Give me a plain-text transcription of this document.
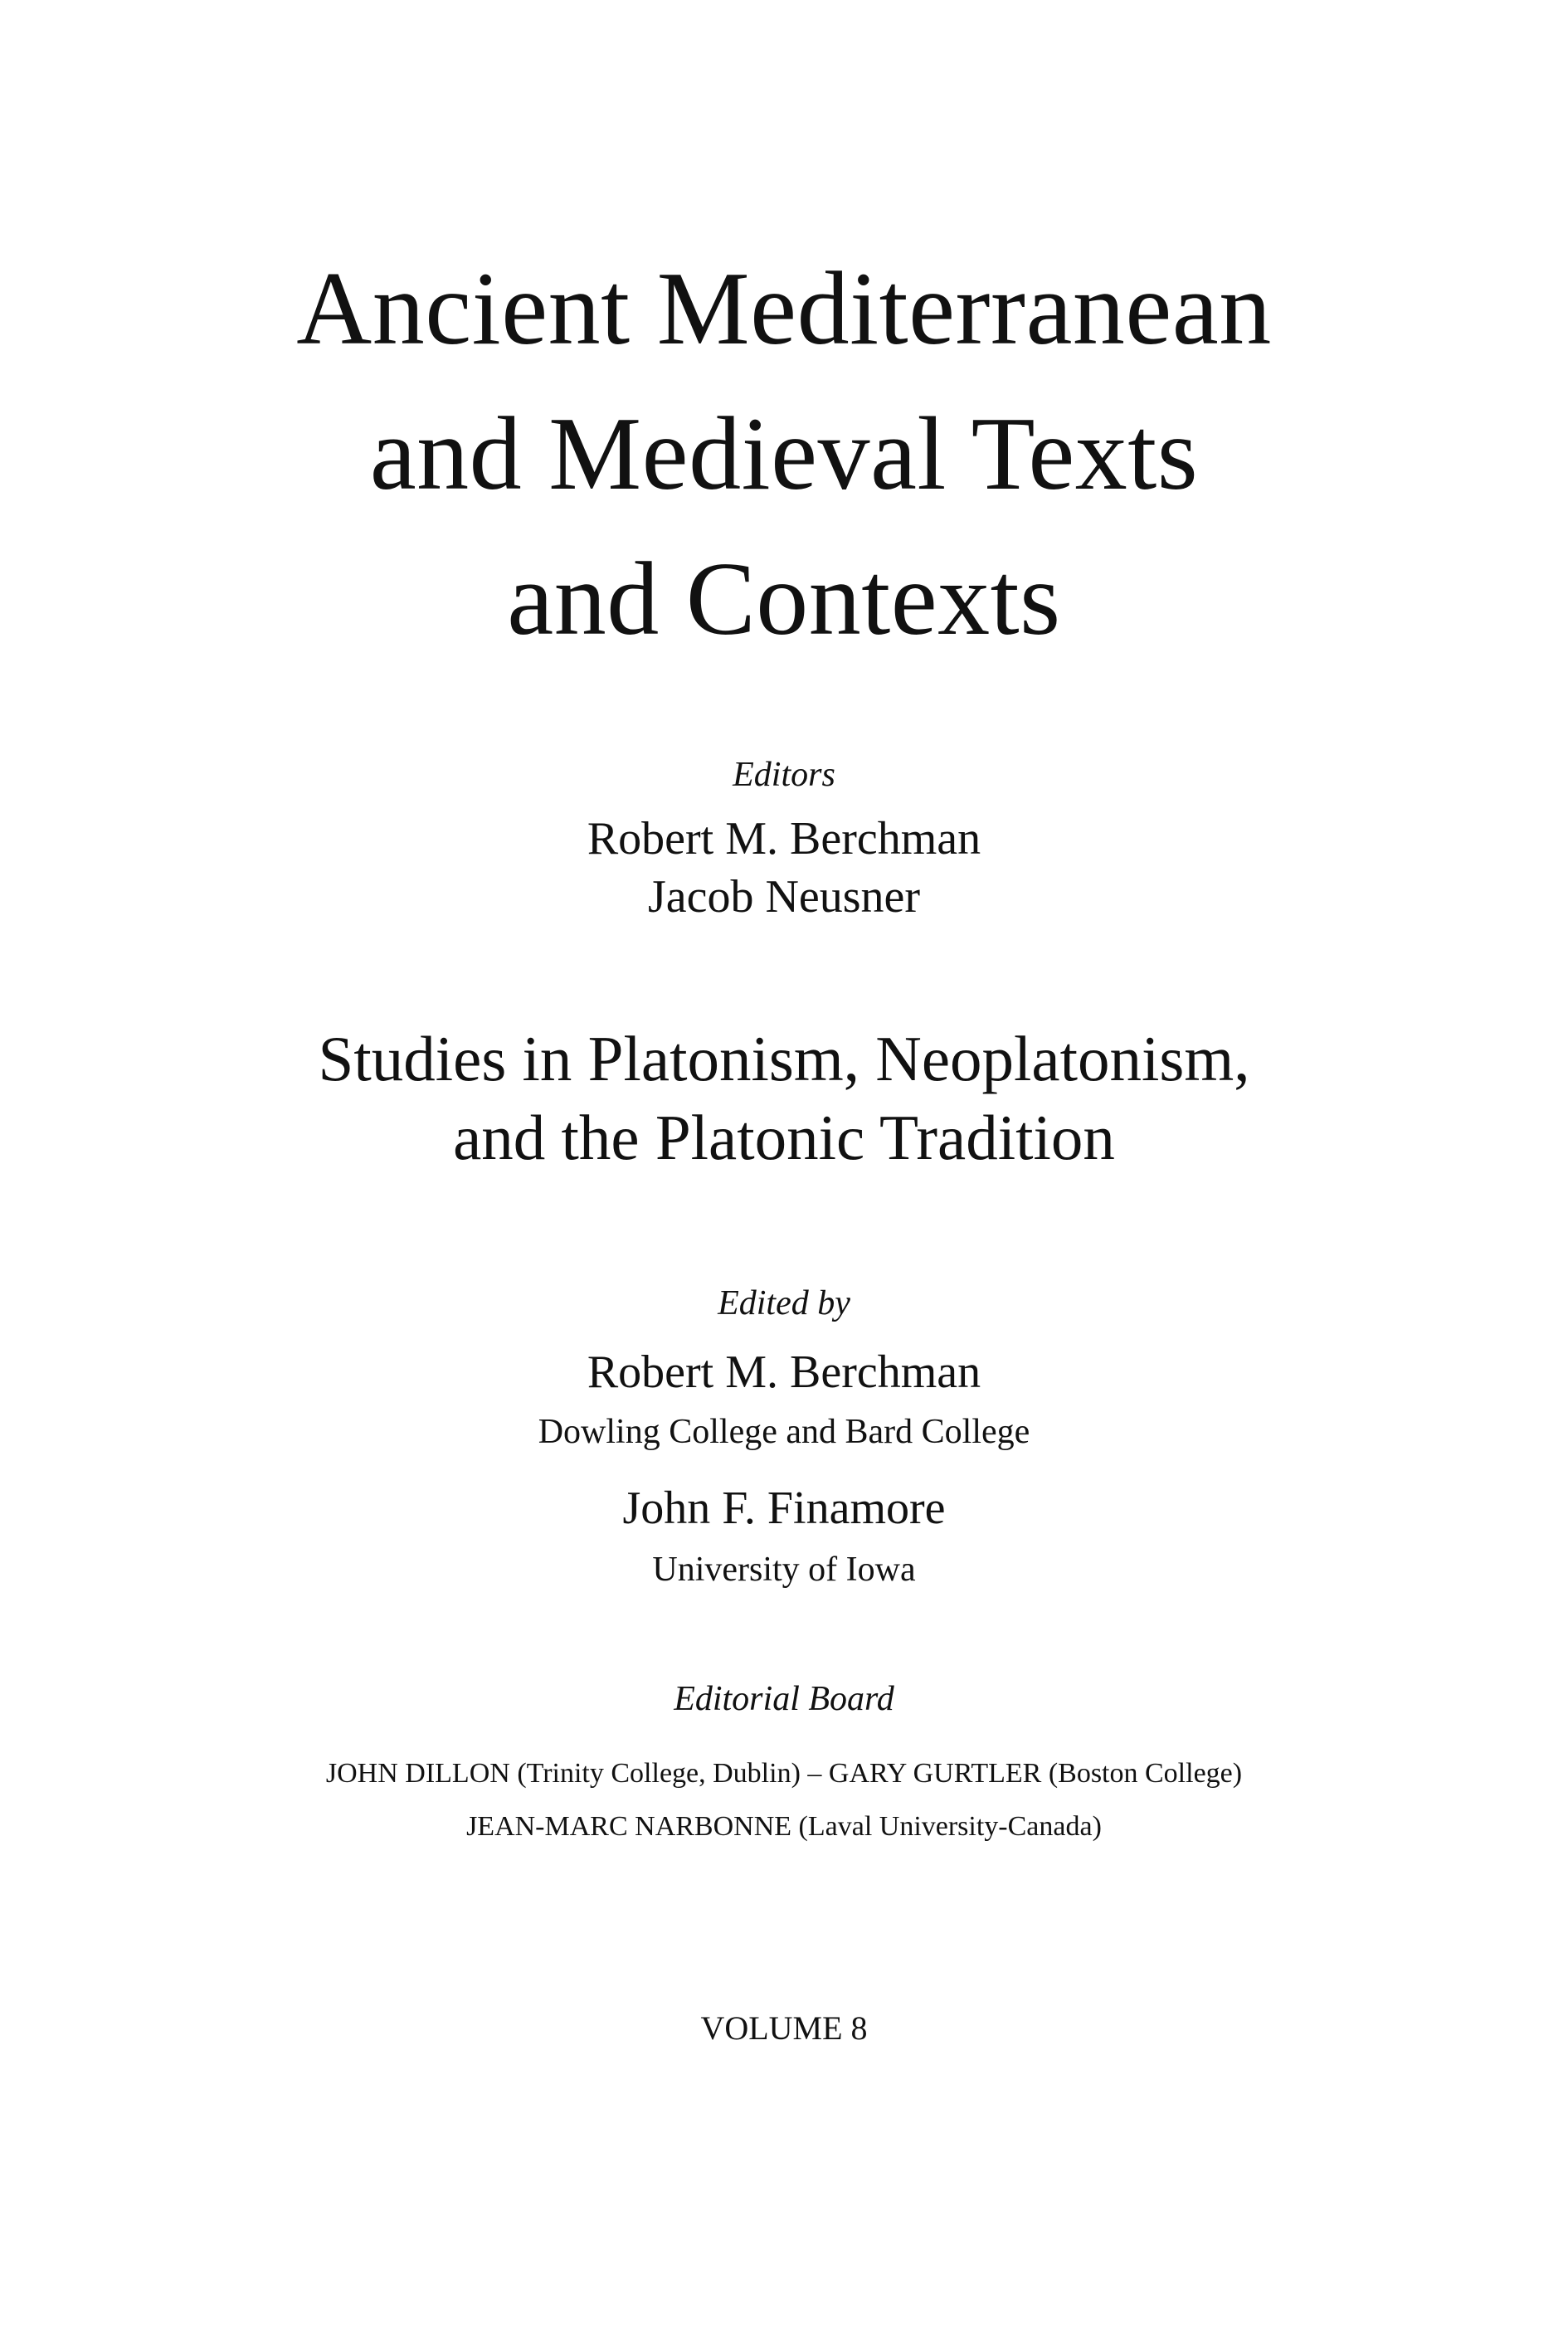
Ancient Mediterranean

and Medieval Texts

and Contexts

Editors

Robert M. Berchman

Jacob Neusner

Studies in Platonism, Neoplatonism,

and the Platonic Tradition

Edited by

Robert M. Berchman

Dowling College and Bard College

John F. Finamore

University of Iowa

Editorial Board

JOHN DILLON (Trinity College, Dublin) – GARY GURTLER (Boston College)

JEAN-MARC NARBONNE (Laval University-Canada)

VOLUME 8
